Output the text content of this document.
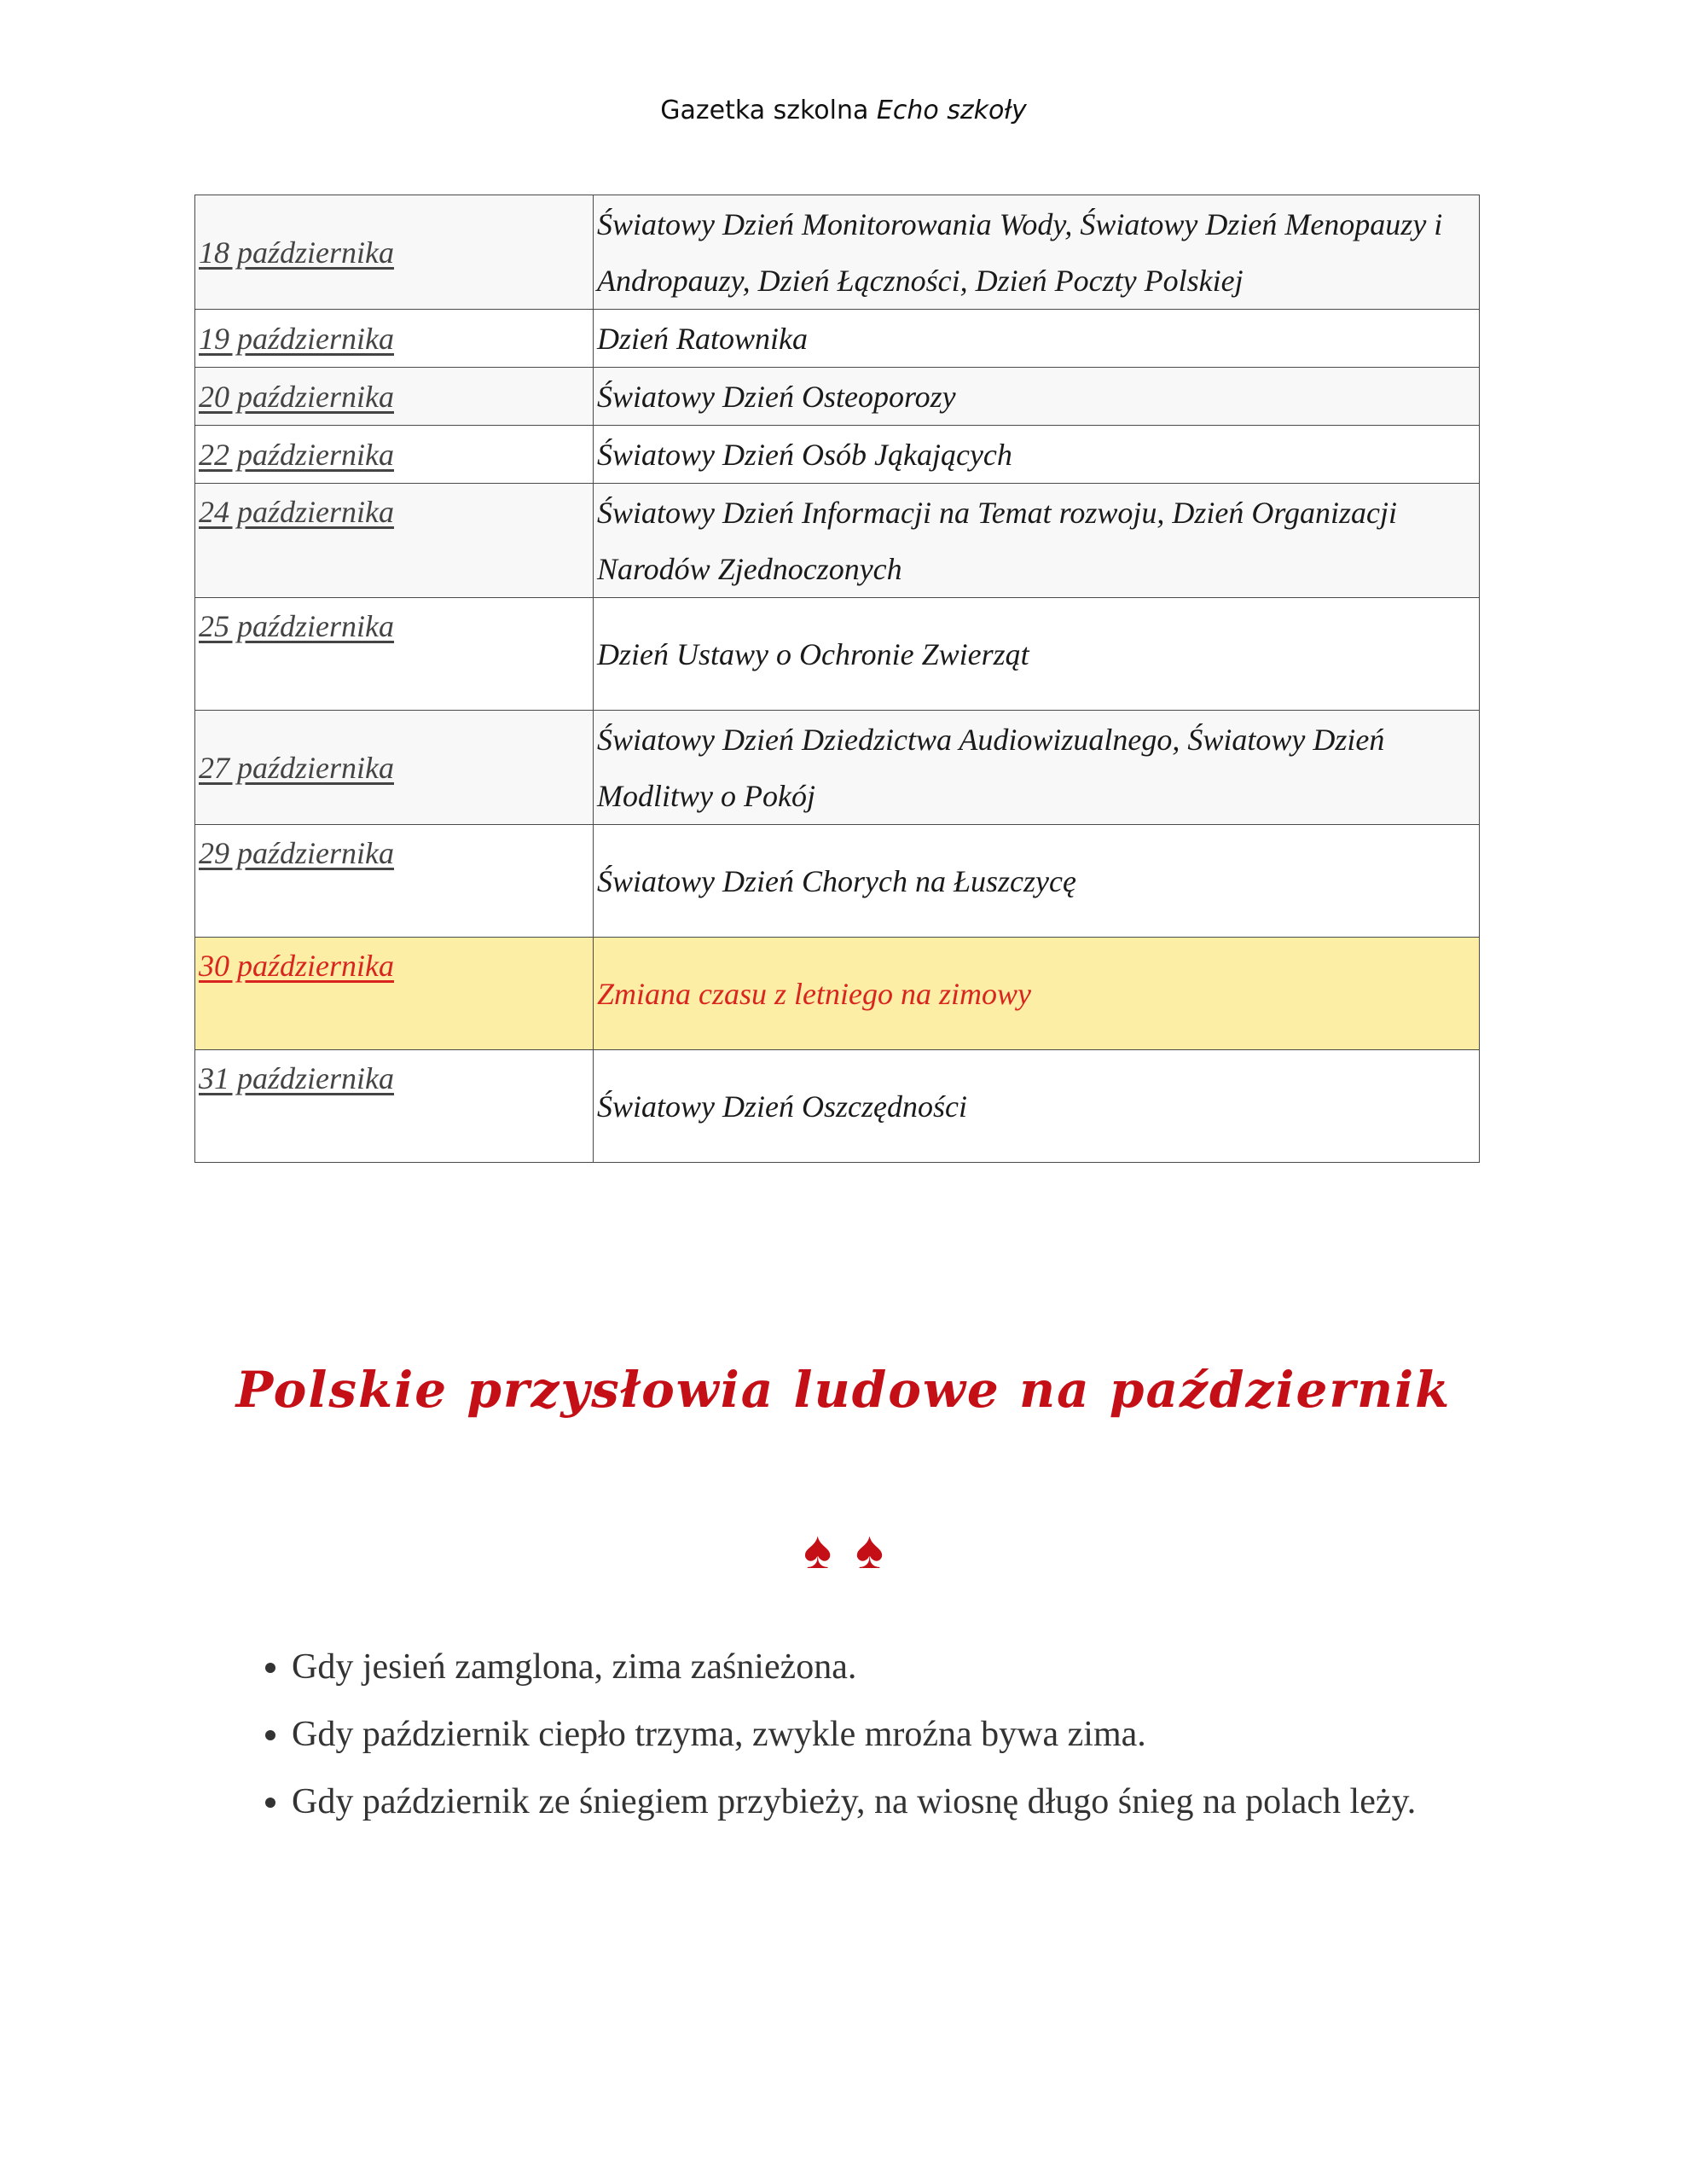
Gazetka szkolna Echo szkoły
18 października	Światowy Dzień Monitorowania Wody, Światowy Dzień Menopauzy i Andropauzy, Dzień Łączności, Dzień Poczty Polskiej
19 października	Dzień Ratownika
20 października	Światowy Dzień Osteoporozy
22 października	Światowy Dzień Osób Jąkających
24 października	Światowy Dzień Informacji na Temat rozwoju, Dzień Organizacji Narodów Zjednoczonych
25 października	Dzień Ustawy o Ochronie Zwierząt
27 października	Światowy Dzień Dziedzictwa Audiowizualnego, Światowy Dzień Modlitwy o Pokój
29 października	Światowy Dzień Chorych na Łuszczycę
30 października	Zmiana czasu z letniego na zimowy
31 października	Światowy Dzień Oszczędności
Polskie przysłowia ludowe na październik
♠ ♠
• Gdy jesień zamglona, zima zaśnieżona.
• Gdy październik ciepło trzyma, zwykle mroźna bywa zima.
• Gdy październik ze śniegiem przybieży, na wiosnę długo śnieg na polach leży.
